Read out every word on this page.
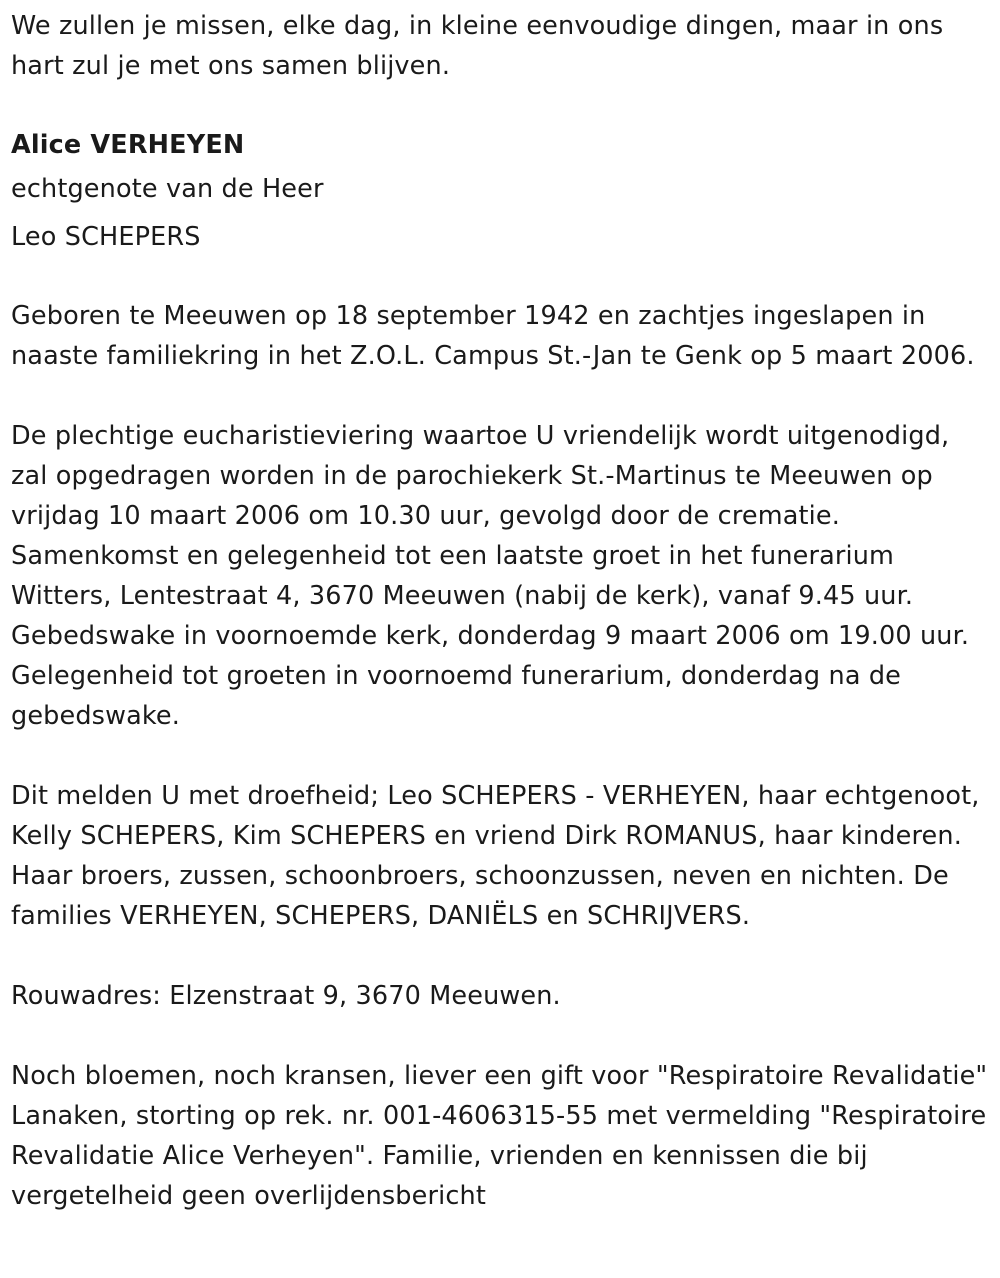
We zullen je missen, elke dag, in kleine eenvoudige dingen, maar in ons hart zul je met ons samen blijven.

Alice VERHEYEN

echtgenote van de Heer

Leo SCHEPERS

Geboren te Meeuwen op 18 september 1942 en zachtjes ingeslapen in naaste familiekring in het Z.O.L. Campus St.-Jan te Genk op 5 maart 2006.

De plechtige eucharistieviering waartoe U vriendelijk wordt uitgenodigd, zal opgedragen worden in de parochiekerk St.-Martinus te Meeuwen op vrijdag 10 maart 2006 om 10.30 uur, gevolgd door de crematie. Samenkomst en gelegenheid tot een laatste groet in het funerarium Witters, Lentestraat 4, 3670 Meeuwen (nabij de kerk), vanaf 9.45 uur. Gebedswake in voornoemde kerk, donderdag 9 maart 2006 om 19.00 uur. Gelegenheid tot groeten in voornoemd funerarium, donderdag na de gebedswake.

Dit melden U met droefheid; Leo SCHEPERS - VERHEYEN, haar echtgenoot, Kelly SCHEPERS, Kim SCHEPERS en vriend Dirk ROMANUS, haar kinderen. Haar broers, zussen, schoonbroers, schoonzussen, neven en nichten. De families VERHEYEN, SCHEPERS, DANIËLS en SCHRIJVERS.

Rouwadres: Elzenstraat 9, 3670 Meeuwen.

Noch bloemen, noch kransen, liever een gift voor "Respiratoire Revalidatie" Lanaken, storting op rek. nr. 001-4606315-55 met vermelding "Respiratoire Revalidatie Alice Verheyen". Familie, vrienden en kennissen die bij vergetelheid geen overlijdensbericht
